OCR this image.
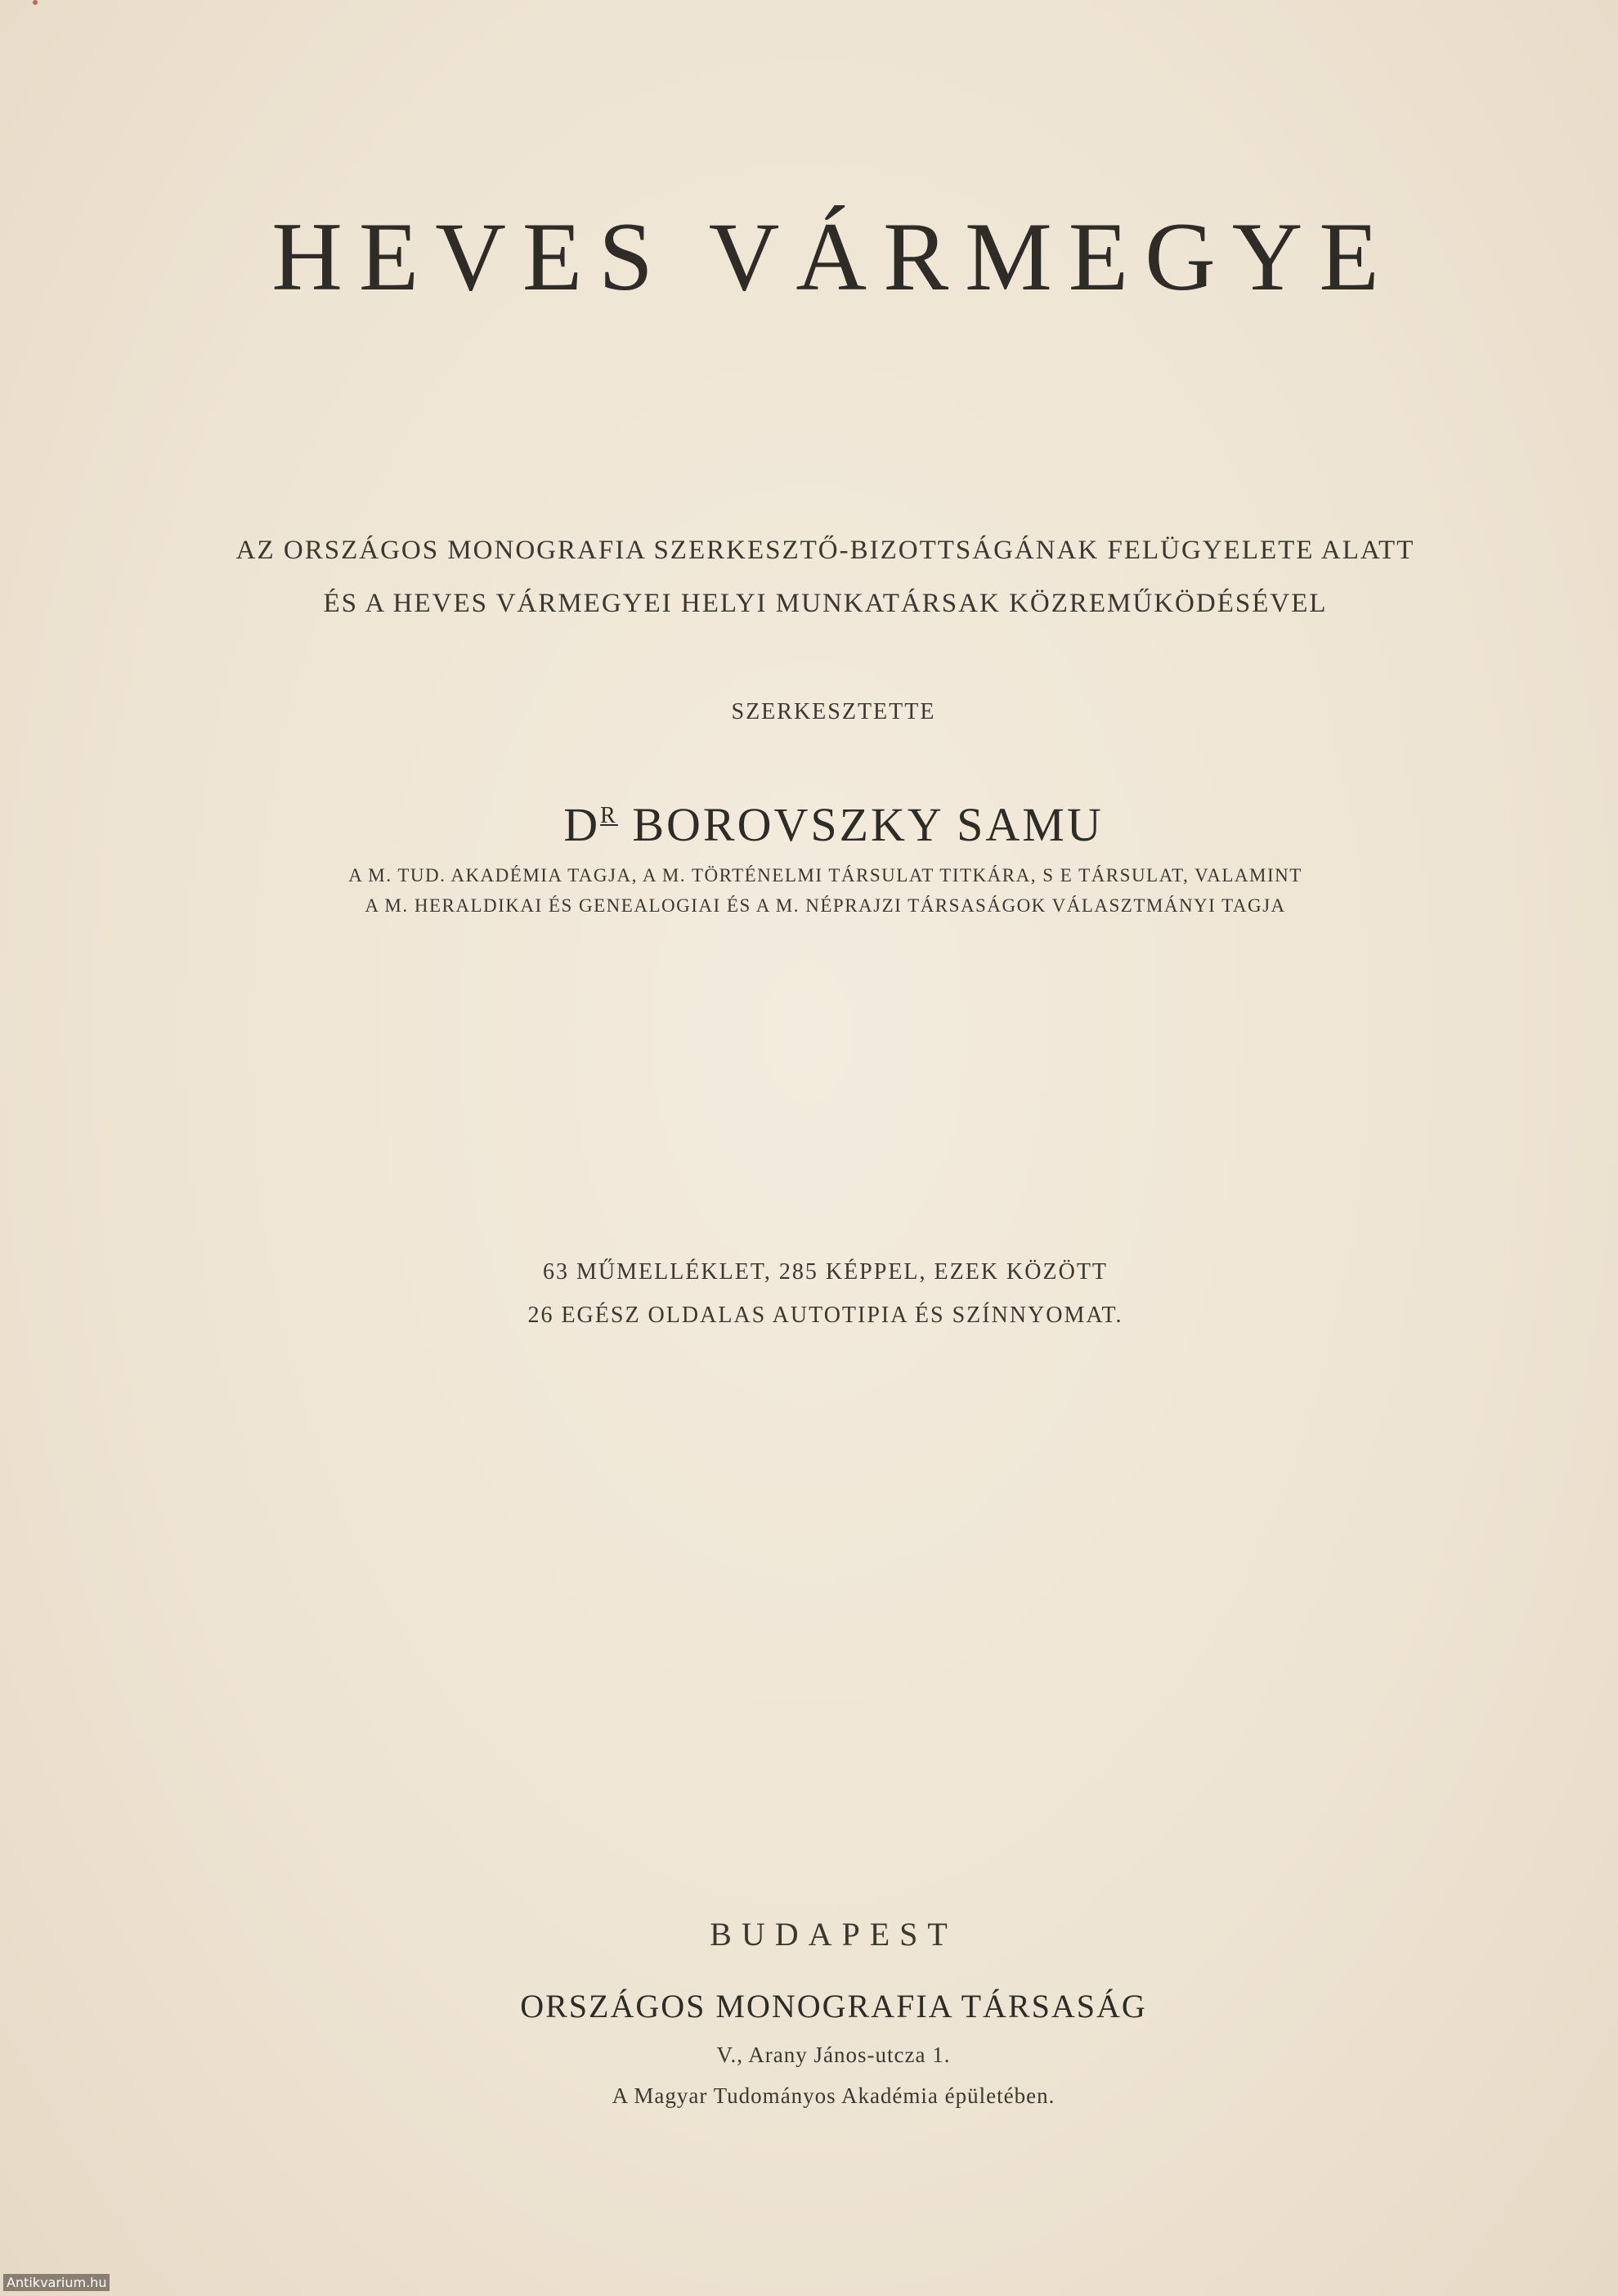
HEVES VÁRMEGYE
AZ ORSZÁGOS MONOGRAFIA SZERKESZTŐ-BIZOTTSÁGÁNAK FELÜGYELETE ALATT
ÉS A HEVES VÁRMEGYEI HELYI MUNKATÁRSAK KÖZREMŰKÖDÉSÉVEL
SZERKESZTETTE
$D^R$ BOROVSZKY SAMU
A M. TUD. AKADÉMIA TAGJA, A M. TÖRTÉNELMI TÁRSULAT TITKÁRA, S E TÁRSULAT, VALAMINT
A M. HERALDIKAI ÉS GENEALOGIAI ÉS A M. NÉPRAJZI TÁRSASÁGOK VÁLASZTMÁNYI TAGJA
63 MŰMELLÉKLET, 285 KÉPPEL, EZEK KÖZÖTT
26 EGÉSZ OLDALAS AUTOTIPIA ÉS SZÍNNYOMAT.
BUDAPEST
ORSZÁGOS MONOGRAFIA TÁRSASÁG
V., Arany János-utcza 1.
A Magyar Tudományos Akadémia épületében.
Antikvarium.hu
